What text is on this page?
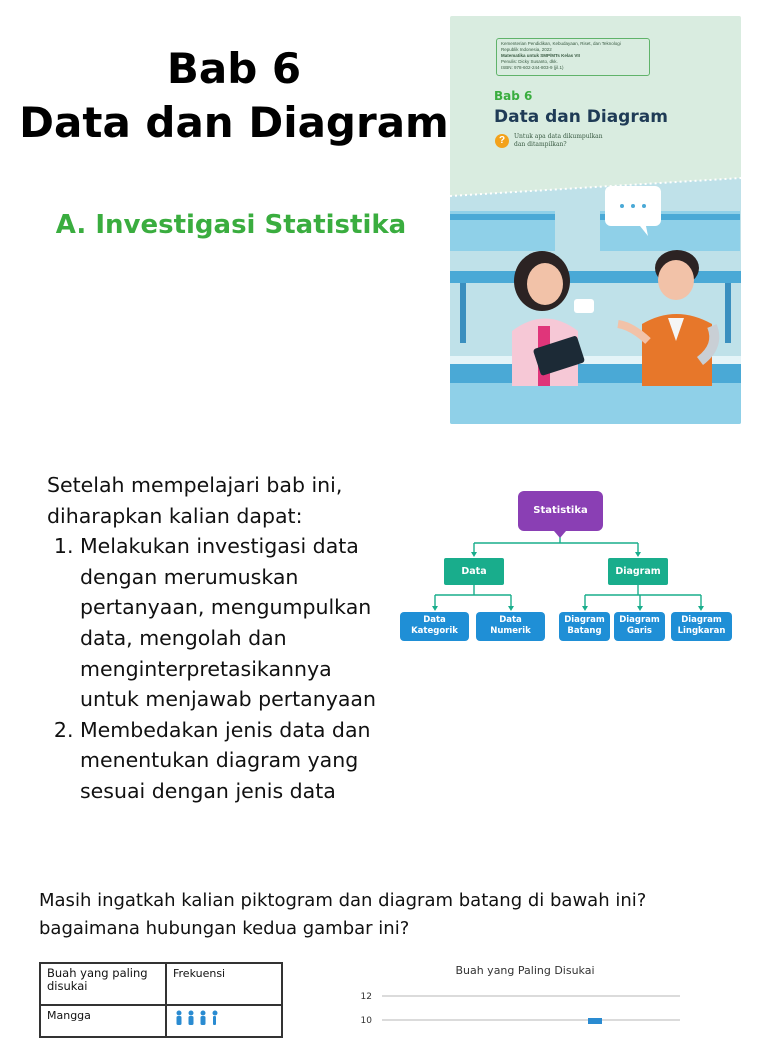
Bab 6
Data dan Diagram
A. Investigasi Statistika
Kementerian Pendidikan, Kebudayaan, Riset, dan Teknologi
Republik Indonesia, 2022
Matematika untuk SMP/MTs Kelas VII
Penulis: Dicky Susanto, dkk.
ISBN: 978-602-244-803-9 (jil.1)
Bab 6
Data dan Diagram
?	Untuk apa data dikumpulkan dan ditampilkan?
Setelah mempelajari bab ini, diharapkan kalian dapat:
1. Melakukan investigasi data dengan merumuskan pertanyaan, mengumpulkan data, mengolah dan menginterpretasikannya untuk menjawab pertanyaan
2. Membedakan jenis data dan menentukan diagram yang sesuai dengan jenis data
Statistika
Data	Diagram
Data
Kategorik
Data
Numerik
Diagram
Batang
Diagram
Garis
Diagram
Lingkaran
Masih ingatkah kalian piktogram dan diagram batang di bawah ini?
bagaimana hubungan kedua gambar ini?
Buah yang paling disukai	Frekuensi
Mangga	
Buah yang Paling Disukai
12
10
